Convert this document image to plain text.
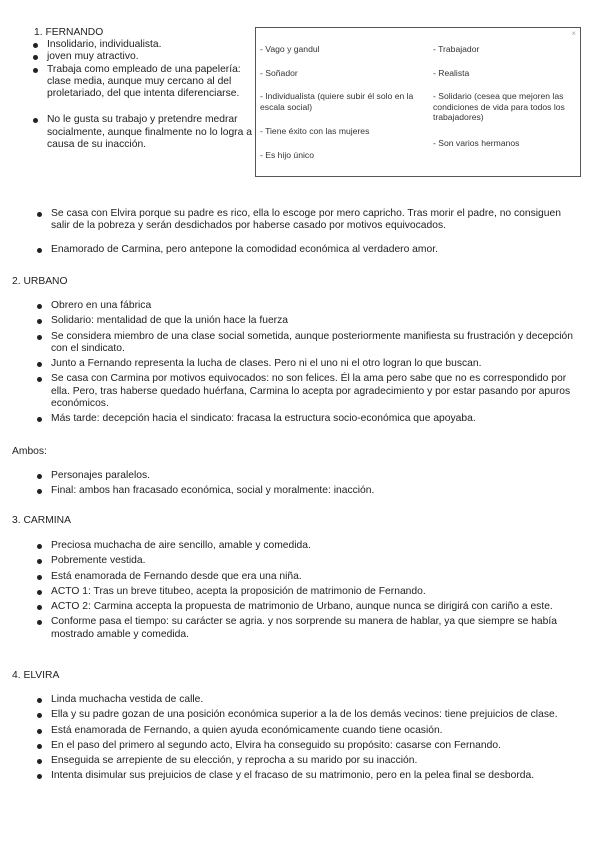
1. FERNANDO
Insolidario, individualista.
joven muy atractivo.
Trabaja como empleado de una papelería: clase media, aunque muy cercano al del proletariado, del que intenta diferenciarse.
No le gusta su trabajo y pretendre medrar socialmente, aunque finalmente no lo logra a causa de su inacción.
×
- Vago y gandul
- Soñador
- Individualista (quiere subir él solo en la escala social)
- Tiene éxito con las mujeres
- Es hijo único
- Trabajador
- Realista
- Solidario (cesea que mejoren las condiciones de vida para todos los trabajadores)
- Son varios hermanos
Se casa con Elvira porque su padre es rico, ella lo escoge por mero capricho. Tras morir el padre, no consiguen salir de la pobreza y serán desdichados por haberse casado por motivos equivocados.
Enamorado de Carmina, pero antepone la comodidad económica al verdadero amor.
2. URBANO
Obrero en una fábrica
Solidario: mentalidad de que la unión hace la fuerza
Se considera miembro de una clase social sometida, aunque posteriormente manifiesta su frustración y decepción con el sindicato.
Junto a Fernando representa la lucha de clases. Pero ni el uno ni el otro logran lo que buscan.
Se casa con Carmina por motivos equivocados: no son felices. Él la ama pero sabe que no es correspondido por ella. Pero, tras haberse quedado huérfana, Carmina lo acepta por agradecimiento y por estar pasando por apuros económicos.
Más tarde: decepción hacia el sindicato: fracasa la estructura socio-económica que apoyaba.
Ambos:
Personajes paralelos.
Final: ambos han fracasado económica, social y moralmente: inacción.
3. CARMINA
Preciosa muchacha de aire sencillo, amable y comedida.
Pobremente vestida.
Está enamorada de Fernando desde que era una niña.
ACTO 1: Tras un breve titubeo, acepta la proposición de matrimonio de Fernando.
ACTO 2: Carmina accepta la propuesta de matrimonio de Urbano, aunque nunca se dirigirá con cariño a este.
Conforme pasa el tiempo: su carácter se agria. y nos sorprende su manera de hablar, ya que siempre se había mostrado amable y comedida.
4. ELVIRA
Linda muchacha vestida de calle.
Ella y su padre gozan de una posición económica superior a la de los demás vecinos: tiene prejuicios de clase.
Está enamorada de Fernando, a quien ayuda económicamente cuando tiene ocasión.
En el paso del primero al segundo acto, Elvira ha conseguido su propósito: casarse con Fernando.
Enseguida se arrepiente de su elección, y reprocha a su marido por su inacción.
Intenta disimular sus prejuicios de clase y el fracaso de su matrimonio, pero en la pelea final se desborda.
